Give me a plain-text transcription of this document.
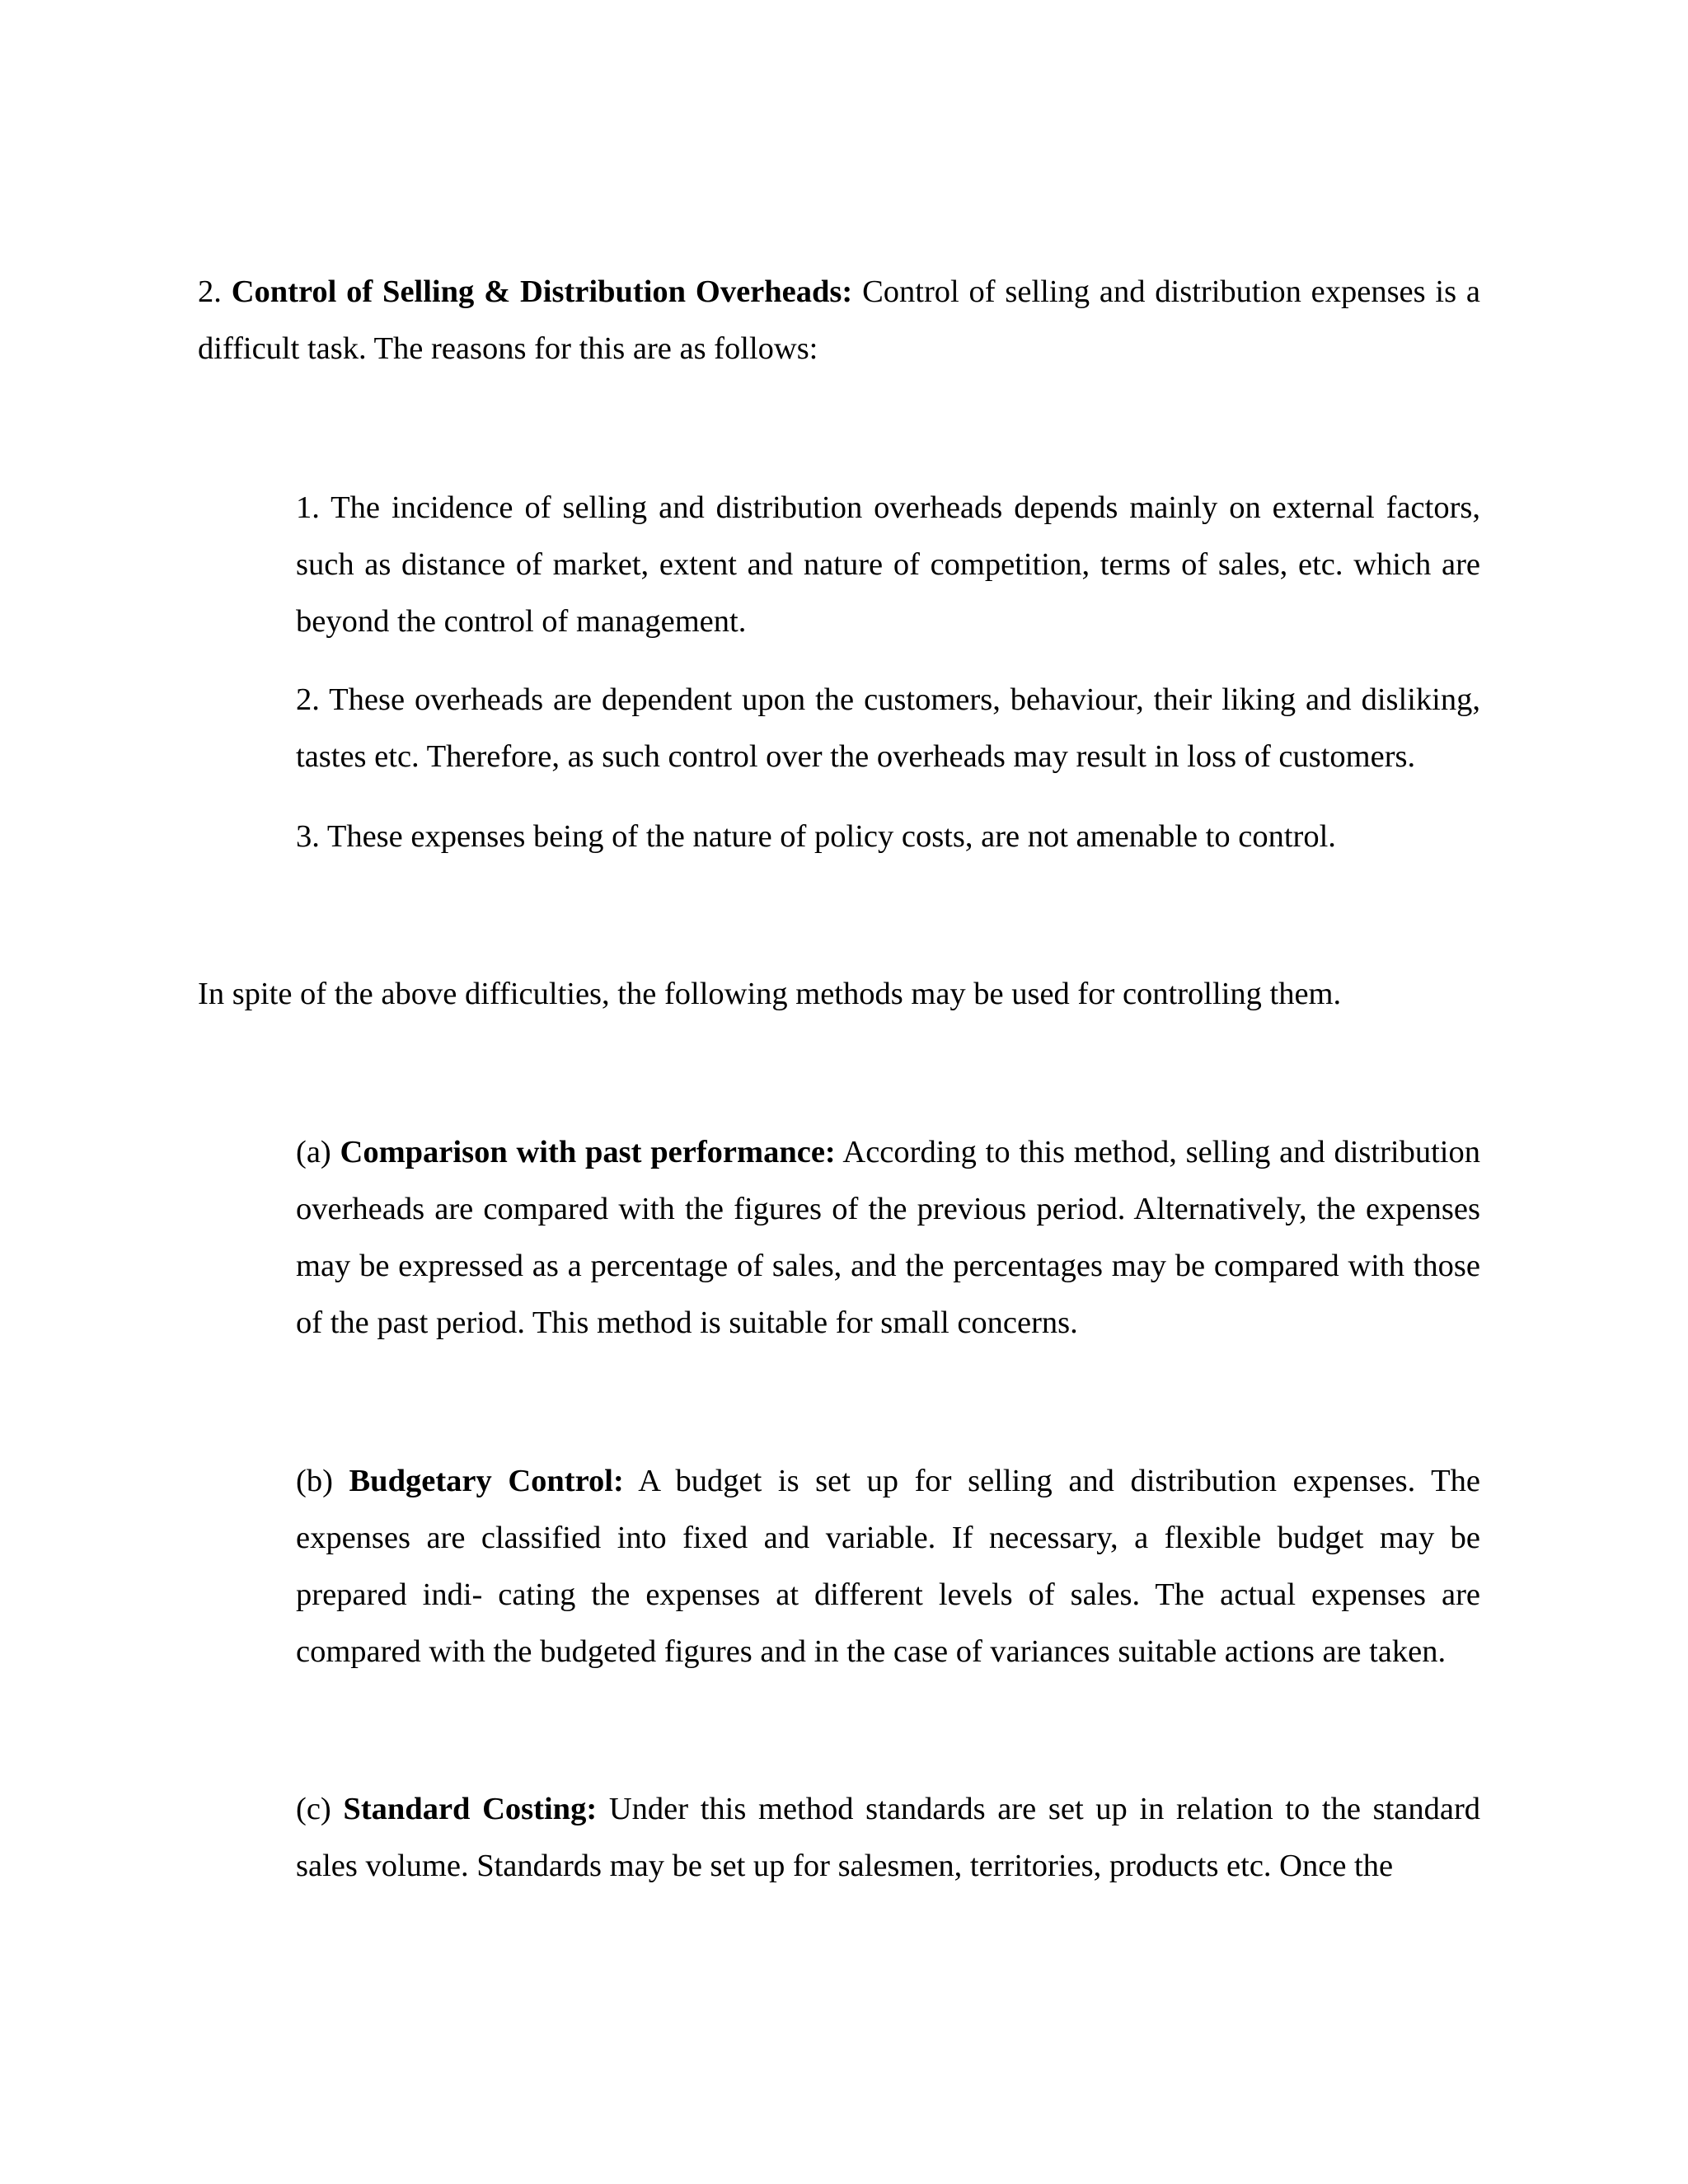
2. Control of Selling & Distribution Overheads: Control of selling and distribution expenses is a difficult task. The reasons for this are as follows:

1. The incidence of selling and distribution overheads depends mainly on external factors, such as distance of market, extent and nature of competition, terms of sales, etc. which are beyond the control of management.

2. These overheads are dependent upon the customers, behaviour, their liking and disliking, tastes etc. Therefore, as such control over the overheads may result in loss of customers.

3. These expenses being of the nature of policy costs, are not amenable to control.

In spite of the above difficulties, the following methods may be used for controlling them.

(a) Comparison with past performance: According to this method, selling and distribution overheads are compared with the figures of the previous period. Alternatively, the expenses may be expressed as a percentage of sales, and the percentages may be compared with those of the past period. This method is suitable for small concerns.

(b) Budgetary Control: A budget is set up for selling and distribution expenses. The expenses are classified into fixed and variable. If necessary, a flexible budget may be prepared indi- cating the expenses at different levels of sales. The actual expenses are compared with the budgeted figures and in the case of variances suitable actions are taken.

(c) Standard Costing: Under this method standards are set up in relation to the standard sales volume. Standards may be set up for salesmen, territories, products etc. Once the
